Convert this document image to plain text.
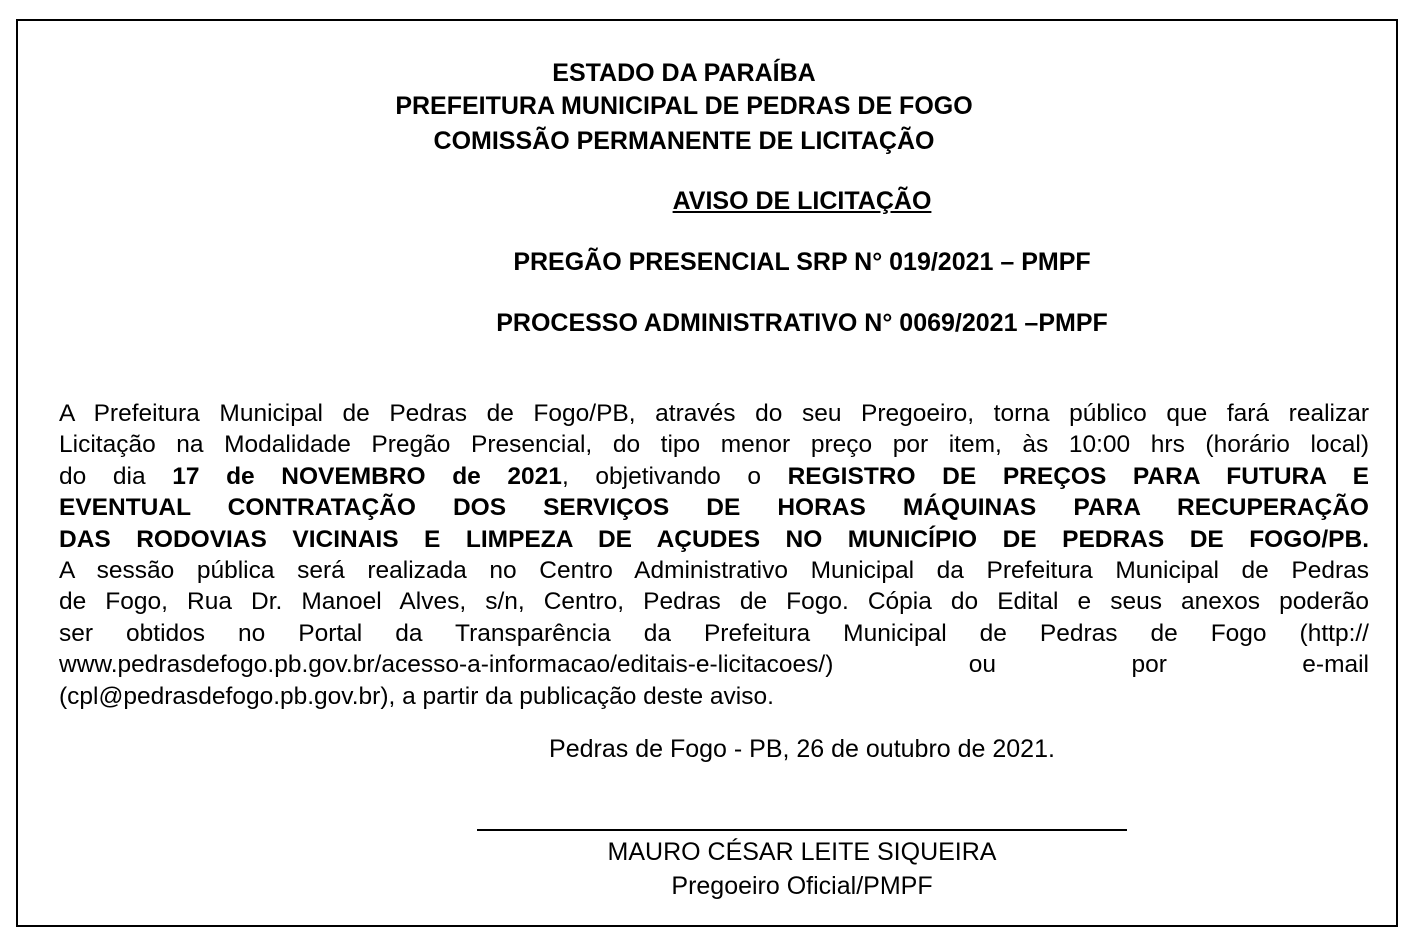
ESTADO DA PARAÍBA
PREFEITURA MUNICIPAL DE PEDRAS DE FOGO
COMISSÃO PERMANENTE DE LICITAÇÃO
AVISO DE LICITAÇÃO
PREGÃO PRESENCIAL SRP N° 019/2021 – PMPF
PROCESSO ADMINISTRATIVO N° 0069/2021 –PMPF
A Prefeitura Municipal de Pedras de Fogo/PB, através do seu Pregoeiro, torna público que fará realizar
Licitação na Modalidade Pregão Presencial, do tipo menor preço por item, às 10:00 hrs (horário local)
do dia 17 de NOVEMBRO de 2021, objetivando o REGISTRO DE PREÇOS PARA FUTURA E
EVENTUAL CONTRATAÇÃO DOS SERVIÇOS DE HORAS MÁQUINAS PARA RECUPERAÇÃO
DAS RODOVIAS VICINAIS E LIMPEZA DE AÇUDES NO MUNICÍPIO DE PEDRAS DE FOGO/PB.
A sessão pública será realizada no Centro Administrativo Municipal da Prefeitura Municipal de Pedras
de Fogo, Rua Dr. Manoel Alves, s/n, Centro, Pedras de Fogo. Cópia do Edital e seus anexos poderão
ser obtidos no Portal da Transparência da Prefeitura Municipal de Pedras de Fogo (http://
www.pedrasdefogo.pb.gov.br/acesso-a-informacao/editais-e-licitacoes/) ou por e-mail
(cpl@pedrasdefogo.pb.gov.br), a partir da publicação deste aviso.
Pedras de Fogo - PB, 26 de outubro de 2021.
MAURO CÉSAR LEITE SIQUEIRA
Pregoeiro Oficial/PMPF
